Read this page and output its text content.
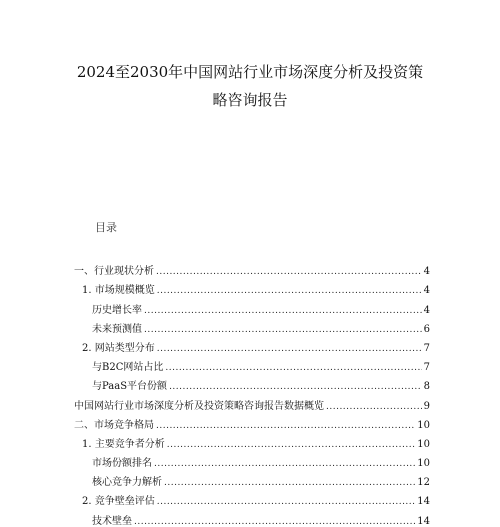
2024至2030年中国网站行业市场深度分析及投资策
略咨询报告
目录
一、行业现状分析 .....	4
1. 市场规模概览 .....	4
历史增长率 .....	4
未来预测值 .....	6
2. 网站类型分布 .....	7
与B2C网站占比 .....	7
与PaaS平台份额 .....	8
中国网站行业市场深度分析及投资策略咨询报告数据概览 .....	9
二、市场竞争格局 .....	10
1. 主要竞争者分析 .....	10
市场份额排名 .....	10
核心竞争力解析 .....	12
2. 竞争壁垒评估 .....	14
技术壁垒 .....	14
